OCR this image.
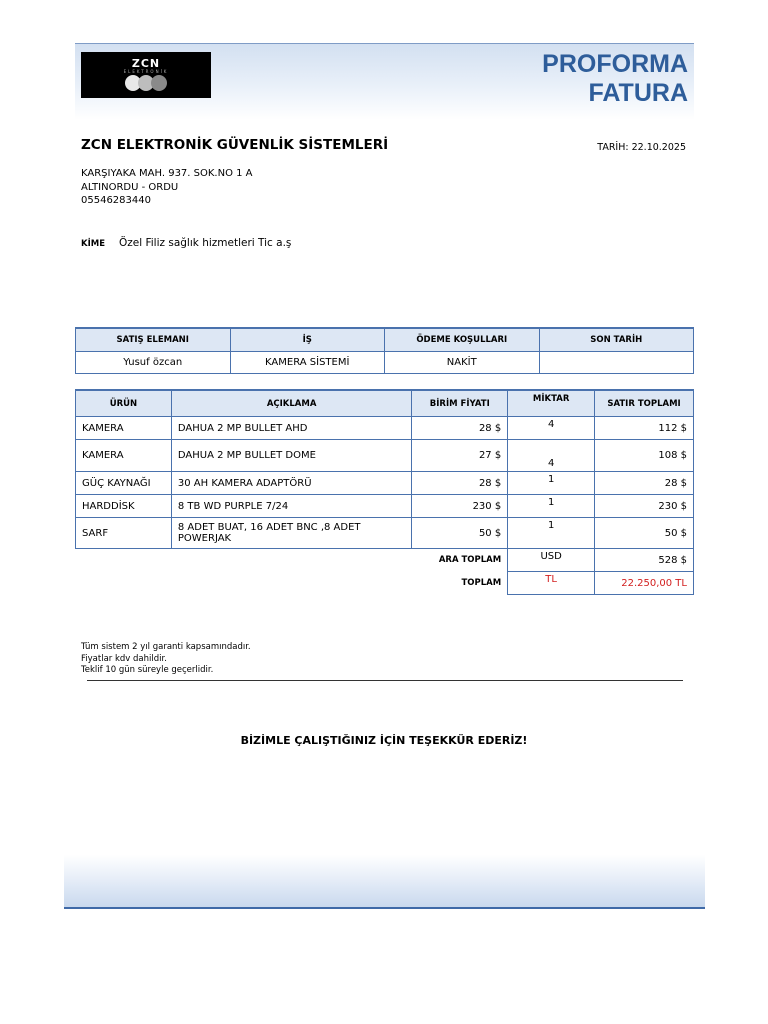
ZCN
ELEKTRONİK	PROFORMA
FATURA
ZCN ELEKTRONİK GÜVENLİK SİSTEMLERİ	TARİH: 22.10.2025
KARŞIYAKA MAH. 937. SOK.NO 1 A
ALTINORDU - ORDU
05546283440
KİME Özel Filiz sağlık hizmetleri Tic a.ş
SATIŞ ELEMANI	İŞ	ÖDEME KOŞULLARI	SON TARİH
Yusuf özcan	KAMERA SİSTEMİ	NAKİT	
ÜRÜN	AÇIKLAMA	BİRİM FİYATI	MİKTAR	SATIR TOPLAMI
KAMERA	DAHUA 2 MP BULLET AHD	28 $	4	112 $
KAMERA	DAHUA 2 MP BULLET DOME	27 $	4	108 $
GÜÇ KAYNAĞI	30 AH KAMERA ADAPTÖRÜ	28 $	1	28 $
HARDDİSK	8 TB WD PURPLE 7/24	230 $	1	230 $
SARF	8 ADET BUAT, 16 ADET BNC ,8 ADET POWERJAK	50 $	1	50 $
		ARA TOPLAM	USD	528 $
		TOPLAM	TL	22.250,00 TL
Tüm sistem 2 yıl garanti kapsamındadır.
Fiyatlar kdv dahildir.
Teklif 10 gün süreyle geçerlidir.
BİZİMLE ÇALIŞTIĞINIZ İÇİN TEŞEKKÜR EDERİZ!
